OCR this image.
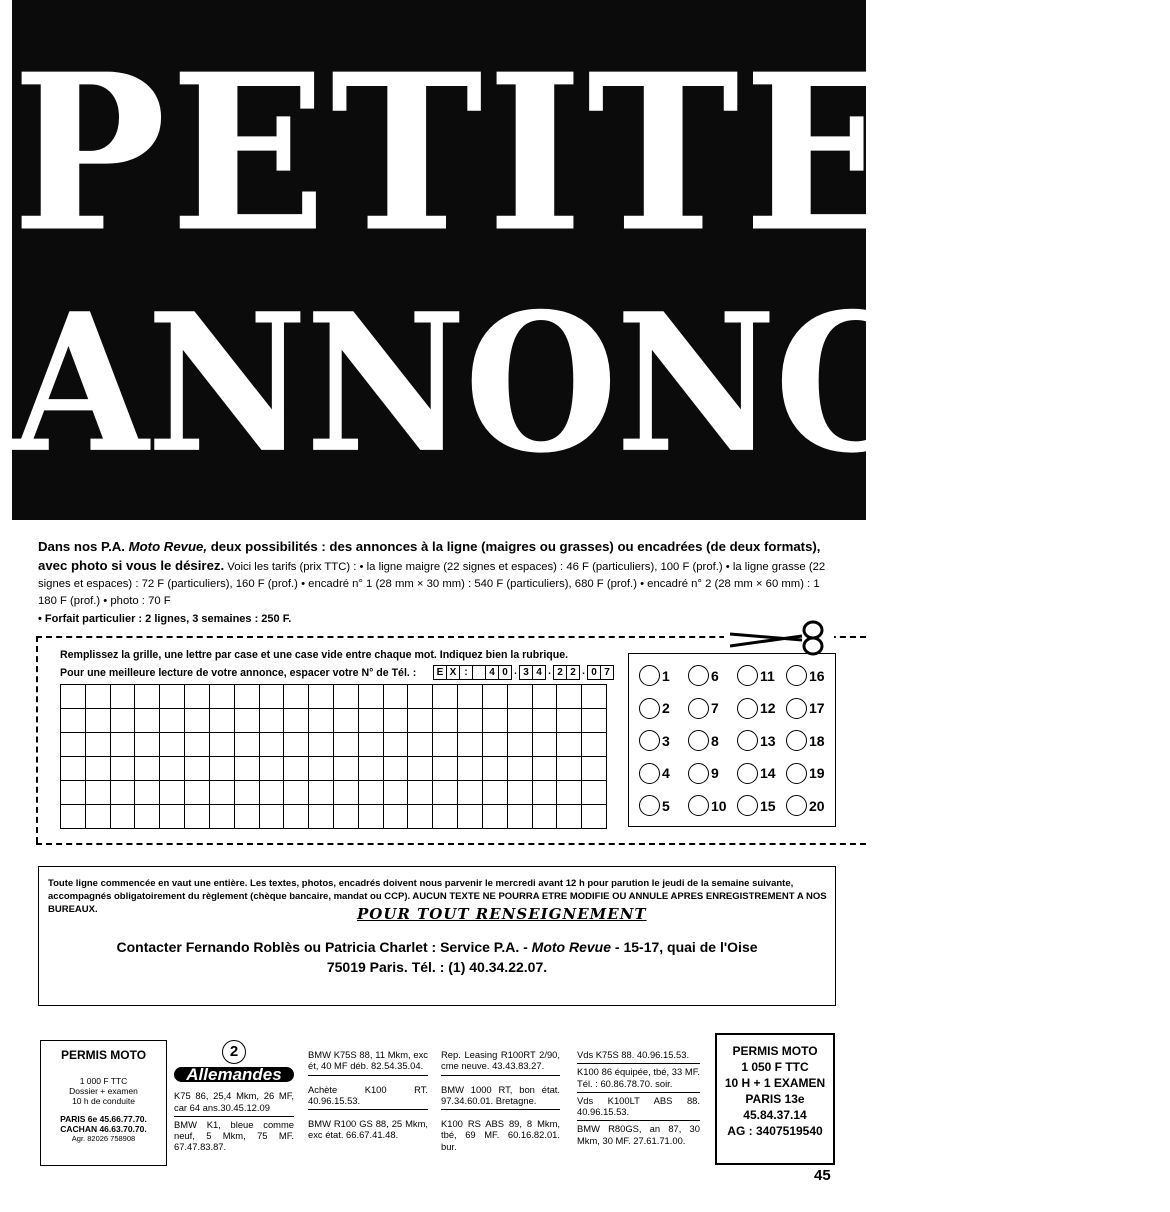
PETITES
ANNONCES
Dans nos P.A. Moto Revue, deux possibilités : des annonces à la ligne (maigres ou grasses) ou encadrées (de deux formats), avec photo si vous le désirez. Voici les tarifs (prix TTC) : • la ligne maigre (22 signes et espaces) : 46 F (particuliers), 100 F (prof.) • la ligne grasse (22 signes et espaces) : 72 F (particuliers), 160 F (prof.) • encadré n° 1 (28 mm × 30 mm) : 540 F (particuliers), 680 F (prof.) • encadré n° 2 (28 mm × 60 mm) : 1 180 F (prof.) • photo : 70 F
• Forfait particulier : 2 lignes, 3 semaines : 250 F.
Remplissez la grille, une lettre par case et une case vide entre chaque mot. Indiquez bien la rubrique.
Pour une meilleure lecture de votre annonce, espacer votre N° de Tél. :	E X :	4 0 . 3 4 . 2 2 . 0 7	1	6	11 16
2	7	12 17
3	8	13 18
4	9	14 19
5	10 15 20
Toute ligne commencée en vaut une entière. Les textes, photos, encadrés doivent nous parvenir le mercredi avant 12 h pour parution le jeudi de la semaine suivante, accompagnés obligatoirement du règlement (chèque bancaire, mandat ou CCP). AUCUN TEXTE NE POURRA ETRE MODIFIE OU ANNULE APRES ENREGISTREMENT A NOS BUREAUX.	POUR TOUT RENSEIGNEMENT
Contacter Fernando Roblès ou Patricia Charlet : Service P.A. - Moto Revue - 15-17, quai de l'Oise
75019 Paris. Tél. : (1) 40.34.22.07.
PERMIS MOTO
1 000 F TTC
Dossier + examen
10 h de conduite
PARIS 6e 45.66.77.70.
CACHAN 46.63.70.70.
Agr. 82026 758908
2
Allemandes
K75 86, 25,4 Mkm, 26 MF, car 64 ans.30.45.12.09
BMW K1, bleue comme neuf, 5 Mkm, 75 MF. 67.47.83.87.
BMW K75S 88, 11 Mkm, exc ét, 40 MF déb. 82.54.35.04.
Achète K100 RT. 40.96.15.53.
BMW R100 GS 88, 25 Mkm, exc état. 66.67.41.48.
Rep. Leasing R100RT 2/90, cme neuve. 43.43.83.27.
BMW 1000 RT, bon état. 97.34.60.01. Bretagne.
K100 RS ABS 89, 8 Mkm, tbé, 69 MF. 60.16.82.01. bur.
Vds K75S 88. 40.96.15.53.
K100 86 équipée, tbé, 33 MF. Tél. : 60.86.78.70. soir.
Vds K100LT ABS 88. 40.96.15.53.
BMW R80GS, an 87, 30 Mkm, 30 MF. 27.61.71.00.
PERMIS MOTO
1 050 F TTC
10 H + 1 EXAMEN
PARIS 13e
45.84.37.14
AG : 3407519540
45
